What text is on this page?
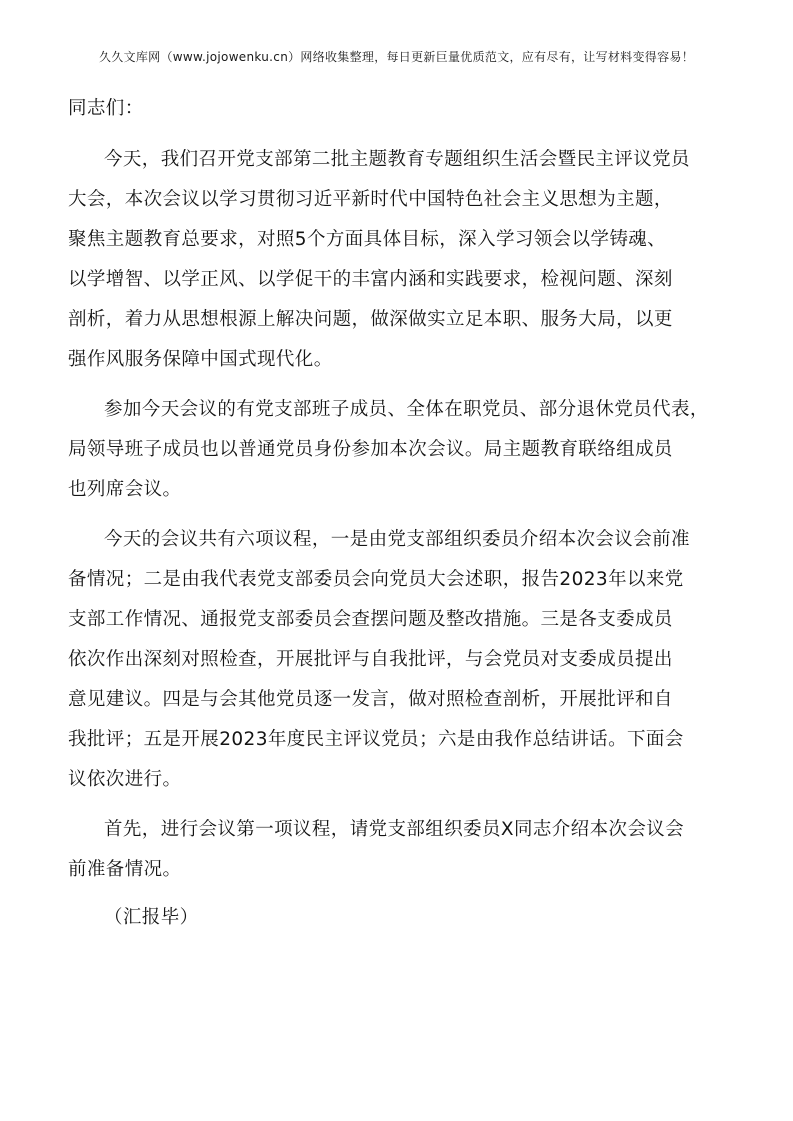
久久文库网（www.jojowenku.cn）网络收集整理，每日更新巨量优质范文，应有尽有，让写材料变得容易！
同志们：
今天，我们召开党支部第二批主题教育专题组织生活会暨民主评议党员
大会，本次会议以学习贯彻习近平新时代中国特色社会主义思想为主题，
聚焦主题教育总要求，对照5个方面具体目标，深入学习领会以学铸魂、
以学增智、以学正风、以学促干的丰富内涵和实践要求，检视问题、深刻
剖析，着力从思想根源上解决问题，做深做实立足本职、服务大局，以更
强作风服务保障中国式现代化。
参加今天会议的有党支部班子成员、全体在职党员、部分退休党员代表，
局领导班子成员也以普通党员身份参加本次会议。局主题教育联络组成员
也列席会议。
今天的会议共有六项议程，一是由党支部组织委员介绍本次会议会前准
备情况；二是由我代表党支部委员会向党员大会述职，报告2023年以来党
支部工作情况、通报党支部委员会查摆问题及整改措施。三是各支委成员
依次作出深刻对照检查，开展批评与自我批评，与会党员对支委成员提出
意见建议。四是与会其他党员逐一发言，做对照检查剖析，开展批评和自
我批评；五是开展2023年度民主评议党员；六是由我作总结讲话。下面会
议依次进行。
首先，进行会议第一项议程，请党支部组织委员X同志介绍本次会议会
前准备情况。
（汇报毕）
